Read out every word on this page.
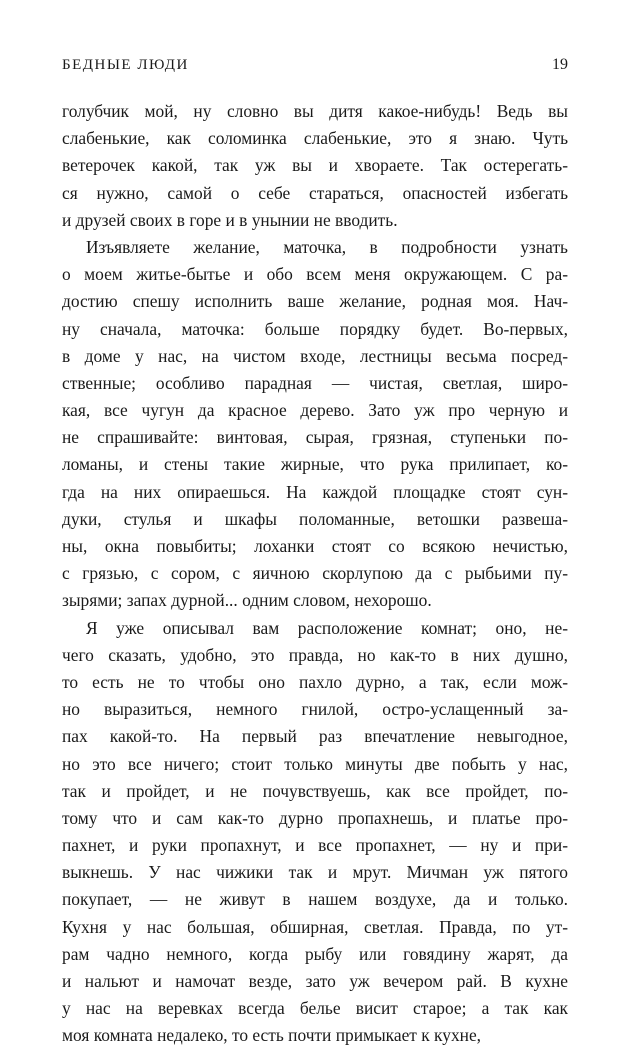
БЕДНЫЕ ЛЮДИ	19
голубчик мой, ну словно вы дитя какое-нибудь! Ведь вы
слабенькие, как соломинка слабенькие, это я знаю. Чуть
ветерочек какой, так уж вы и хвораете. Так остерегать-
ся нужно, самой о себе стараться, опасностей избегать
и друзей своих в горе и в унынии не вводить.
Изъявляете желание, маточка, в подробности узнать
о моем житье-бытье и обо всем меня окружающем. С ра-
достию спешу исполнить ваше желание, родная моя. Нач-
ну сначала, маточка: больше порядку будет. Во-первых,
в доме у нас, на чистом входе, лестницы весьма посред-
ственные; особливо парадная — чистая, светлая, широ-
кая, все чугун да красное дерево. Зато уж про черную и
не спрашивайте: винтовая, сырая, грязная, ступеньки по-
ломаны, и стены такие жирные, что рука прилипает, ко-
гда на них опираешься. На каждой площадке стоят сун-
дуки, стулья и шкафы поломанные, ветошки развеша-
ны, окна повыбиты; лоханки стоят со всякою нечистью,
с грязью, с сором, с яичною скорлупою да с рыбьими пу-
зырями; запах дурной... одним словом, нехорошо.
Я уже описывал вам расположение комнат; оно, не-
чего сказать, удобно, это правда, но как-то в них душно,
то есть не то чтобы оно пахло дурно, а так, если мож-
но выразиться, немного гнилой, остро-услащенный за-
пах какой-то. На первый раз впечатление невыгодное,
но это все ничего; стоит только минуты две побыть у нас,
так и пройдет, и не почувствуешь, как все пройдет, по-
тому что и сам как-то дурно пропахнешь, и платье про-
пахнет, и руки пропахнут, и все пропахнет, — ну и при-
выкнешь. У нас чижики так и мрут. Мичман уж пятого
покупает, — не живут в нашем воздухе, да и только.
Кухня у нас большая, обширная, светлая. Правда, по ут-
рам чадно немного, когда рыбу или говядину жарят, да
и нальют и намочат везде, зато уж вечером рай. В кухне
у нас на веревках всегда белье висит старое; а так как
моя комната недалеко, то есть почти примыкает к кухне,
